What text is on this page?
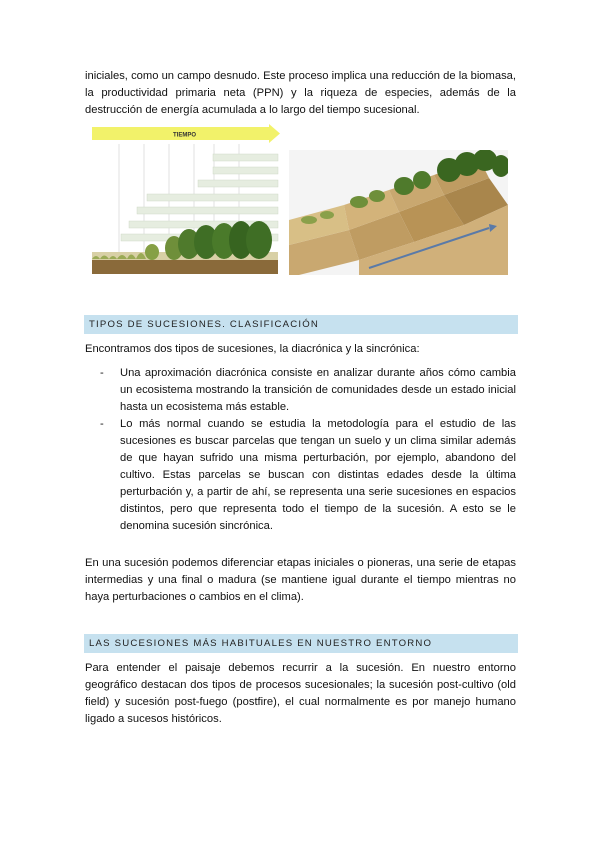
iniciales, como un campo desnudo. Este proceso implica una reducción de la biomasa, la productividad primaria neta (PPN) y la riqueza de especies, además de la destrucción de energía acumulada a lo largo del tiempo sucesional.

TIEMPO
TIPOS DE SUCESIONES. CLASIFICACIÓN

Encontramos dos tipos de sucesiones, la diacrónica y la sincrónica:

- Una aproximación diacrónica consiste en analizar durante años cómo cambia un ecosistema mostrando la transición de comunidades desde un estado inicial hasta un ecosistema más estable.
- Lo más normal cuando se estudia la metodología para el estudio de las sucesiones es buscar parcelas que tengan un suelo y un clima similar además de que hayan sufrido una misma perturbación, por ejemplo, abandono del cultivo. Estas parcelas se buscan con distintas edades desde la última perturbación y, a partir de ahí, se representa una serie sucesiones en espacios distintos, pero que representa todo el tiempo de la sucesión. A esto se le denomina sucesión sincrónica.

En una sucesión podemos diferenciar etapas iniciales o pioneras, una serie de etapas intermedias y una final o madura (se mantiene igual durante el tiempo mientras no haya perturbaciones o cambios en el clima).

LAS SUCESIONES MÁS HABITUALES EN NUESTRO ENTORNO

Para entender el paisaje debemos recurrir a la sucesión. En nuestro entorno geográfico destacan dos tipos de procesos sucesionales; la sucesión post-cultivo (old field) y sucesión post-fuego (postfire), el cual normalmente es por manejo humano ligado a sucesos históricos.
